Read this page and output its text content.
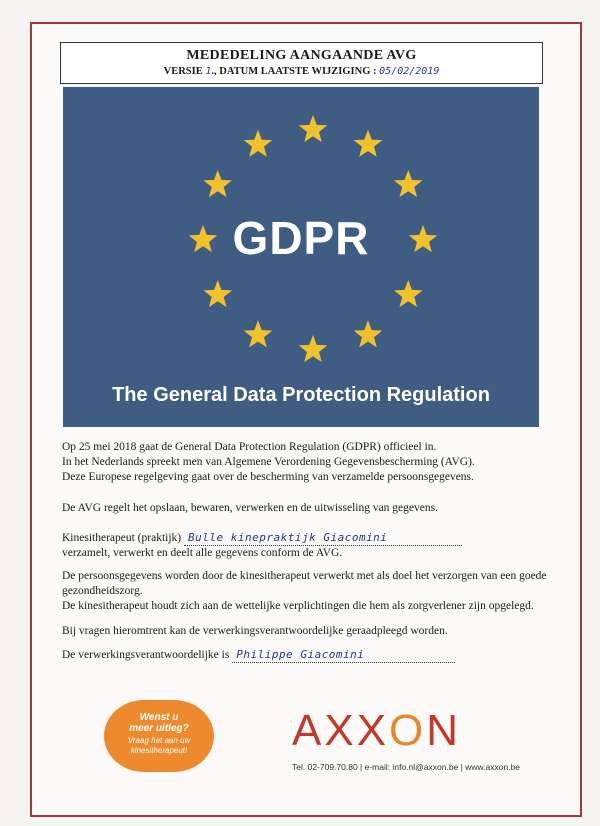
MEDEDELING AANGAANDE AVG
VERSIE 1., DATUM LAATSTE WIJZIGING : 05/02/2019
GDPR
The General Data Protection Regulation
Op 25 mei 2018 gaat de General Data Protection Regulation (GDPR) officieel in.
In het Nederlands spreekt men van Algemene Verordening Gegevensbescherming (AVG).
Deze Europese regelgeving gaat over de bescherming van verzamelde persoonsgegevens.
De AVG regelt het opslaan, bewaren, verwerken en de uitwisseling van gegevens.
Kinesitherapeut (praktijk) Bulle kinepraktijk Giacomini
verzamelt, verwerkt en deelt alle gegevens conform de AVG.
De persoonsgegevens worden door de kinesitherapeut verwerkt met als doel het verzorgen van een goede
gezondheidszorg.
De kinesitherapeut houdt zich aan de wettelijke verplichtingen die hem als zorgverlener zijn opgelegd.
Bij vragen hieromtrent kan de verwerkingsverantwoordelijke geraadpleegd worden.
De verwerkingsverantwoordelijke is Philippe Giacomini
Wenst u
meer uitleg?
Vraag het aan uw
kinesitherapeut!	AXXON
Tel. 02-709.70.80 | e-mail: info.nl@axxon.be | www.axxon.be
